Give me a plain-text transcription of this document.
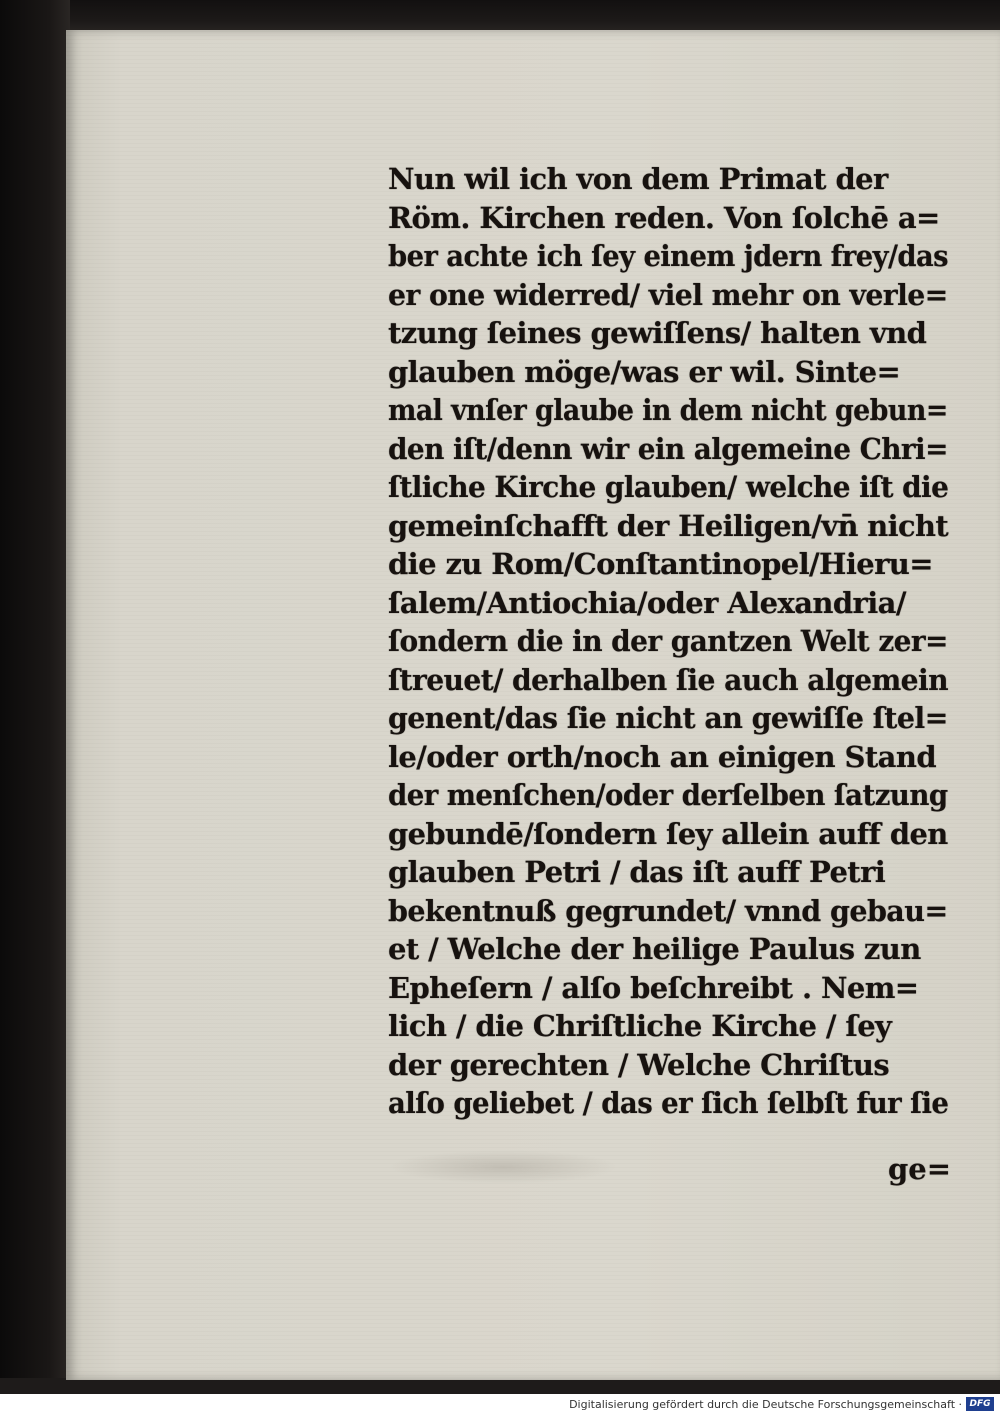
Nun wil ich von dem Primat der
Röm. Kirchen reden. Von ſolchē a=
ber achte ich ſey einem jdern frey/das
er one widerred/ viel mehr on verle=
tzung ſeines gewiſſens/ halten vnd
glauben möge/was er wil. Sinte=
mal vnſer glaube in dem nicht gebun=
den iſt/denn wir ein algemeine Chri=
ſtliche Kirche glauben/ welche iſt die
gemeinſchafft der Heiligen/vn̄ nicht
die zu Rom/Conſtantinopel/Hieru=
ſalem/Antiochia/oder Alexandria/
ſondern die in der gantzen Welt zer=
ſtreuet/ derhalben ſie auch algemein
genent/das ſie nicht an gewiſſe ſtel=
le/oder orth/noch an einigen Stand
der menſchen/oder derſelben ſatzung
gebundē/ſondern ſey allein auff den
glauben Petri / das iſt auff Petri
bekentnuß gegrundet/ vnnd gebau=
et / Welche der heilige Paulus zun
Epheſern / alſo beſchreibt . Nem=
lich / die Chriſtliche Kirche / ſey
der gerechten / Welche Chriſtus
alſo geliebet / das er ſich ſelbſt fur ſie
ge=
Digitalisierung gefördert durch die Deutsche Forschungsgemeinschaft · DFG
